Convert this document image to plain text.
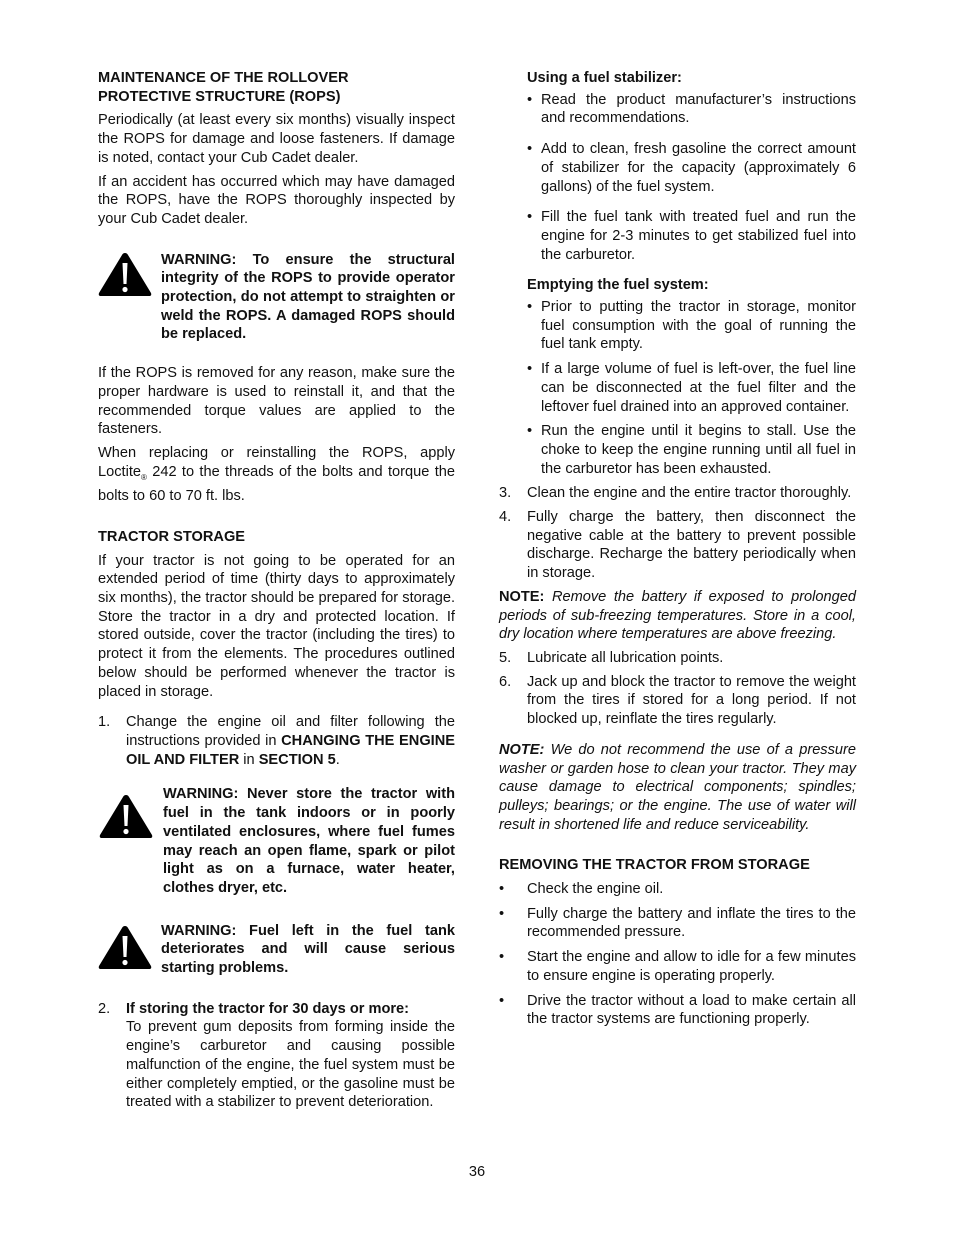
MAINTENANCE OF THE ROLLOVER
PROTECTIVE STRUCTURE (ROPS)

Periodically (at least every six months) visually inspect the ROPS for damage and loose fasteners. If damage is noted, contact your Cub Cadet dealer.

If an accident has occurred which may have damaged the ROPS, have the ROPS thoroughly inspected by your Cub Cadet dealer.

WARNING: To ensure the structural integrity of the ROPS to provide operator protection, do not attempt to straighten or weld the ROPS. A damaged ROPS should be replaced.

If the ROPS is removed for any reason, make sure the proper hardware is used to reinstall it, and that the recommended torque values are applied to the fasteners.

When replacing or reinstalling the ROPS, apply Loctite$_®$ 242 to the threads of the bolts and torque the bolts to 60 to 70 ft. lbs.

TRACTOR STORAGE

If your tractor is not going to be operated for an extended period of time (thirty days to approximately six months), the tractor should be prepared for storage. Store the tractor in a dry and protected location. If stored outside, cover the tractor (including the tires) to protect it from the elements. The procedures outlined below should be performed whenever the tractor is placed in storage.

1.	Change the engine oil and filter following the instructions provided in CHANGING THE ENGINE OIL AND FILTER in SECTION 5.
WARNING: Never store the tractor with fuel in the tank indoors or in poorly ventilated enclosures, where fuel fumes may reach an open flame, spark or pilot light as on a furnace, water heater, clothes dryer, etc.
WARNING: Fuel left in the fuel tank deteriorates and will cause serious starting problems.
2.	If storing the tractor for 30 days or more:
To prevent gum deposits from forming inside the engine’s carburetor and causing possible malfunction of the engine, the fuel system must be either completely emptied, or the gasoline must be treated with a stabilizer to prevent deterioration.
Using a fuel stabilizer:
• Read the product manufacturer’s instructions and recommendations.
• Add to clean, fresh gasoline the correct amount of stabilizer for the capacity (approximately 6 gallons) of the fuel system.
• Fill the fuel tank with treated fuel and run the engine for 2-3 minutes to get stabilized fuel into the carburetor.
Emptying the fuel system:
• Prior to putting the tractor in storage, monitor fuel consumption with the goal of running the fuel tank empty.
• If a large volume of fuel is left-over, the fuel line can be disconnected at the fuel filter and the leftover fuel drained into an approved container.
• Run the engine until it begins to stall. Use the choke to keep the engine running until all fuel in the carburetor has been exhausted.
3.	Clean the engine and the entire tractor thoroughly.
4.	Fully charge the battery, then disconnect the negative cable at the battery to prevent possible discharge. Recharge the battery periodically when in storage.

NOTE: Remove the battery if exposed to prolonged periods of sub-freezing temperatures. Store in a cool, dry location where temperatures are above freezing.

5.	Lubricate all lubrication points.
6.	Jack up and block the tractor to remove the weight from the tires if stored for a long period. If not blocked up, reinflate the tires regularly.

NOTE: We do not recommend the use of a pressure washer or garden hose to clean your tractor. They may cause damage to electrical components; spindles; pulleys; bearings; or the engine. The use of water will result in shortened life and reduce serviceability.

REMOVING THE TRACTOR FROM STORAGE
•	Check the engine oil.
•	Fully charge the battery and inflate the tires to the recommended pressure.
•	Start the engine and allow to idle for a few minutes to ensure engine is operating properly.
•	Drive the tractor without a load to make certain all the tractor systems are functioning properly.
36
